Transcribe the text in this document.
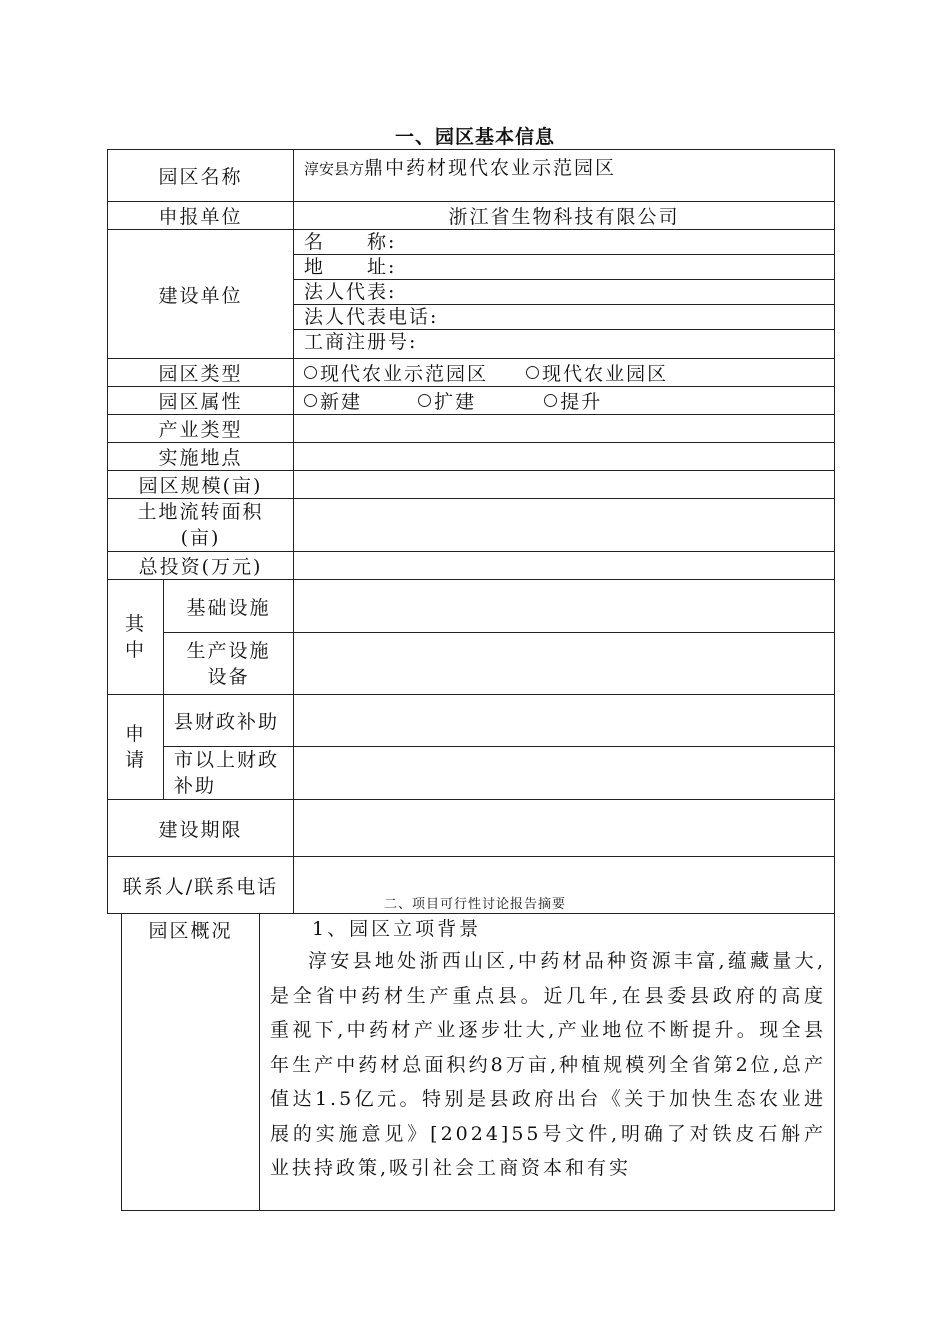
一、园区基本信息
园区名称		淳安县方鼎中药材现代农业示范园区
申报单位		浙江省生物科技有限公司
建设单位		名　　称:
地　　址:
法人代表:
法人代表电话:
工商注册号:

园区类型		现代农业示范园区 现代农业园区
园区属性		新建 扩建 提升
产业类型		
实施地点		
园区规模(亩)		

土地流转面积
(亩)		

总投资(万元)		

其
中	基础设施	

	生产设施
设备	

申
请	县财政补助	

	市以上财政
补助	

建设期限		
联系人/联系电话		
二、项目可行性讨论报告摘要
园区概况	1、园区立项背景
淳安县地处浙西山区,中药材品种资源丰富,蕴藏量大,是全省中药材生产重点县。近几年,在县委县政府的高度重视下,中药材产业逐步壮大,产业地位不断提升。现全县年生产中药材总面积约8万亩,种植规模列全省第2位,总产值达1.5亿元。特别是县政府出台《关于加快生态农业进展的实施意见》[2024]55号文件,明确了对铁皮石斛产业扶持政策,吸引社会工商资本和有实
